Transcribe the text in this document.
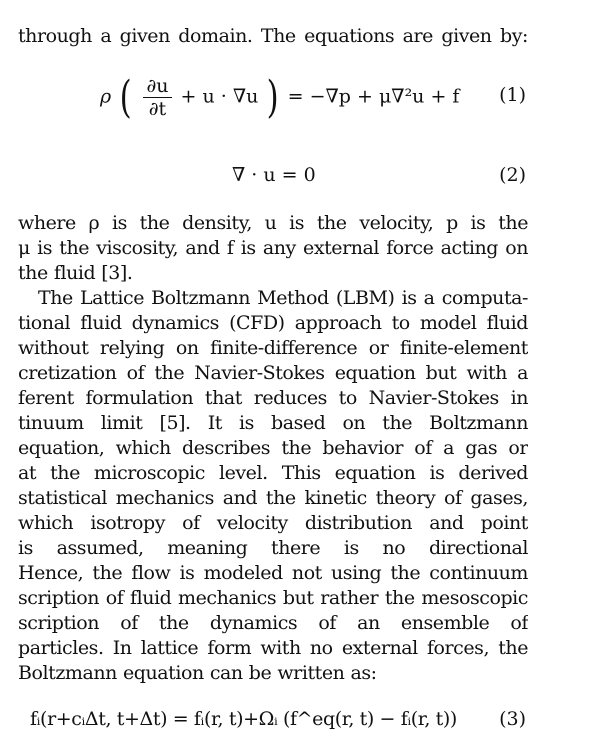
through a given domain. The equations are given by:
ρ ( $\frac{\partial u}{\partial t} + u \cdot \nabla u$ ) = −∇p + μ∇²u + f (1)
∇ · u = 0	(2)
where ρ is the density, u is the velocity, p is the
μ is the viscosity, and f is any external force acting on
the fluid [3].
The Lattice Boltzmann Method (LBM) is a computa-
tional fluid dynamics (CFD) approach to model fluid
without relying on finite-difference or finite-element
cretization of the Navier-Stokes equation but with a
ferent formulation that reduces to Navier-Stokes in
tinuum limit [5]. It is based on the Boltzmann
equation, which describes the behavior of a gas or
at the microscopic level. This equation is derived
statistical mechanics and the kinetic theory of gases,
which isotropy of velocity distribution and point
is assumed, meaning there is no directional
Hence, the flow is modeled not using the continuum
scription of fluid mechanics but rather the mesoscopic
scription of the dynamics of an ensemble of
particles. In lattice form with no external forces, the
Boltzmann equation can be written as:
fᵢ(r+cᵢΔt, t+Δt) = fᵢ(r, t)+Ωᵢ (f^eq(r, t) − fᵢ(r, t)) (3)
